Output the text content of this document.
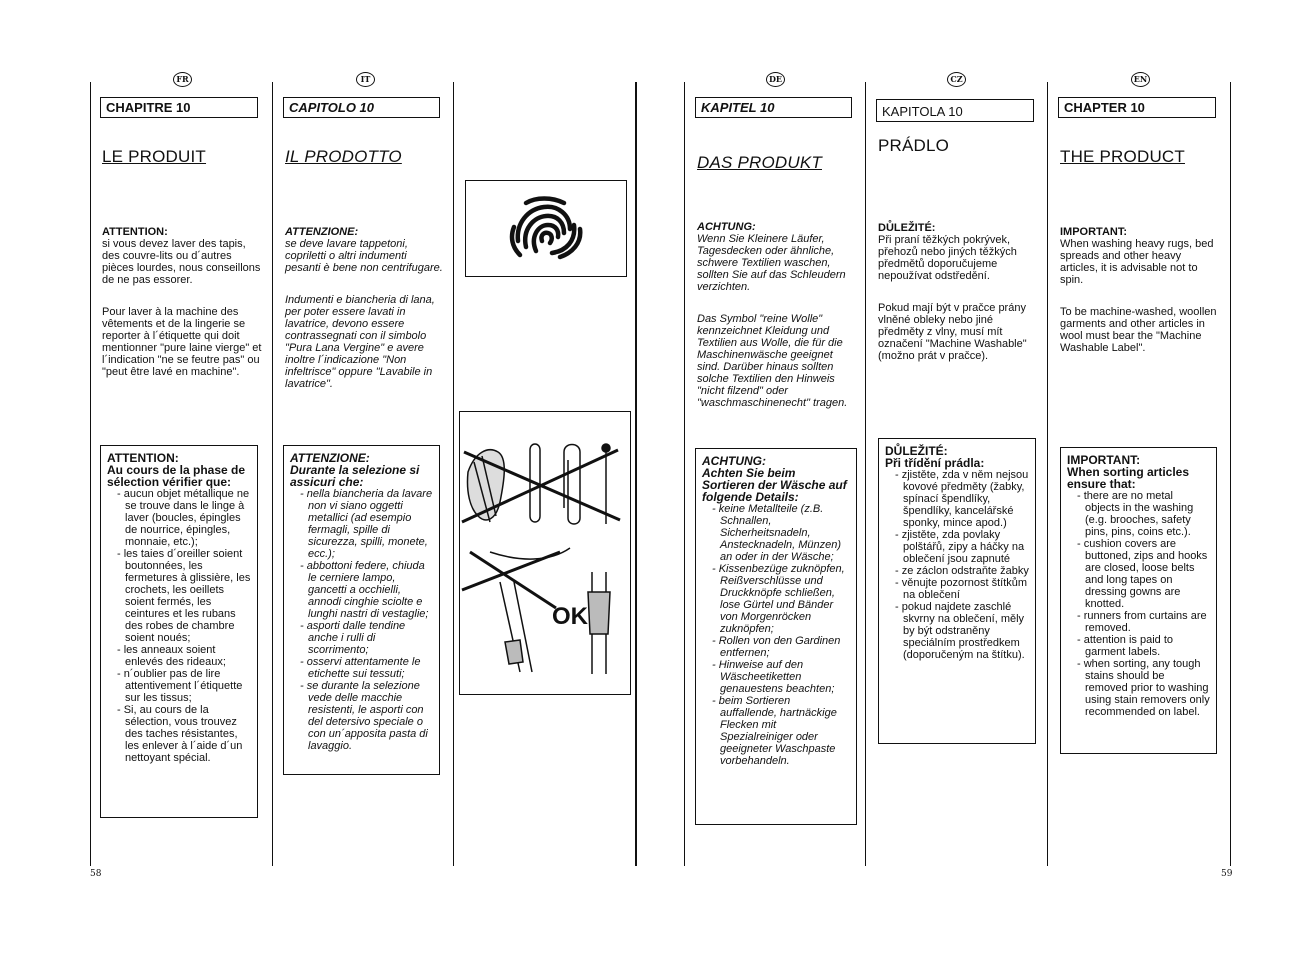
FR	IT	DE	CZ	EN
CHAPITRE 10	CAPITOLO 10	KAPITEL 10	KAPITOLA 10	CHAPTER 10
LE PRODUIT	IL PRODOTTO	DAS PRODUKT
PRÁDLO
THE PRODUCT
ATTENTION:
si vous devez laver des tapis, des couvre-lits ou d´autres pièces lourdes, nous conseillons de ne pas essorer.
Pour laver à la machine des vêtements et de la lingerie se reporter à l´étiquette qui doit mentionner "pure laine vierge" et l´indication "ne se feutre pas" ou "peut être lavé en machine".
ATTENZIONE:
se deve lavare tappetoni, copriletti o altri indumenti pesanti è bene non centrifugare.
Indumenti e biancheria di lana, per poter essere lavati in lavatrice, devono essere contrassegnati con il simbolo "Pura Lana Vergine" e avere inoltre l´indicazione "Non infeltrisce" oppure "Lavabile in lavatrice".
ACHTUNG:
Wenn Sie Kleinere Läufer, Tagesdecken oder ähnliche, schwere Textilien waschen, sollten Sie auf das Schleudern verzichten.
Das Symbol "reine Wolle" kennzeichnet Kleidung und Textilien aus Wolle, die für die Maschinenwäsche geeignet sind. Darüber hinaus sollten solche Textilien den Hinweis "nicht filzend" oder "waschmaschinenecht" tragen.
DŮLEŽITÉ:
Při praní těžkých pokrývek, přehozů nebo jiných těžkých předmětů doporučujeme nepoužívat odstředění.
Pokud mají být v pračce prány vlněné obleky nebo jiné předměty z vlny, musí mít označení "Machine Washable" (možno prát v pračce).
IMPORTANT:
When washing heavy rugs, bed spreads and other heavy articles, it is advisable not to spin.
To be machine-washed, woollen garments and other articles in wool must bear the "Machine Washable Label".
ATTENTION:
Au cours de la phase de sélection vérifier que:
- aucun objet métallique ne se trouve dans le linge à laver (boucles, épingles de nourrice, épingles, monnaie, etc.);
- les taies d´oreiller soient boutonnées, les fermetures à glissière, les crochets, les oeillets soient fermés, les ceintures et les rubans des robes de chambre soient noués;
- les anneaux soient enlevés des rideaux;
- n´oublier pas de lire attentivement l´étiquette sur les tissus;
- Si, au cours de la sélection, vous trouvez des taches résistantes, les enlever à l´aide d´un nettoyant spécial.
ATTENZIONE:
Durante la selezione si assicuri che:
- nella biancheria da lavare non vi siano oggetti metallici (ad esempio fermagli, spille di sicurezza, spilli, monete, ecc.);
- abbottoni federe, chiuda le cerniere lampo, gancetti a occhielli, annodi cinghie sciolte e lunghi nastri di vestaglie;
- asporti dalle tendine anche i rulli di scorrimento;
- osservi attentamente le etichette sui tessuti;
- se durante la selezione vede delle macchie resistenti, le asporti con del detersivo speciale o con un´apposita pasta di lavaggio.
ACHTUNG:
Achten Sie beim Sortieren der Wäsche auf folgende Details:
- keine Metallteile (z.B. Schnallen, Sicherheitsnadeln, Anstecknadeln, Münzen) an oder in der Wäsche;
- Kissenbezüge zuknöpfen, Reißverschlüsse und Druckknöpfe schließen, lose Gürtel und Bänder von Morgenröcken zuknöpfen;
- Rollen von den Gardinen entfernen;
- Hinweise auf den Wäscheetiketten genauestens beachten;
- beim Sortieren auffallende, hartnäckige Flecken mit Spezialreiniger oder geeigneter Waschpaste vorbehandeln.
DŮLEŽITÉ:
Při třídění prádla:
- zjistěte, zda v něm nejsou kovové předměty (žabky, spínací špendlíky, špendlíky, kancelářské sponky, mince apod.)
- zjistěte, zda povlaky polštářů, zipy a háčky na oblečení jsou zapnuté
- ze záclon odstraňte žabky
- věnujte pozornost štítkům na oblečení
- pokud najdete zaschlé skvrny na oblečení, měly by být odstraněny speciálním prostředkem (doporučeným na štítku).
IMPORTANT:
When sorting articles ensure that:
- there are no metal objects in the washing (e.g. brooches, safety pins, pins, coins etc.).
- cushion covers are buttoned, zips and hooks are closed, loose belts and long tapes on dressing gowns are knotted.
- runners from curtains are removed.
- attention is paid to garment labels.
- when sorting, any tough stains should be removed prior to washing using stain removers only recommended on label.
OK
58	59
